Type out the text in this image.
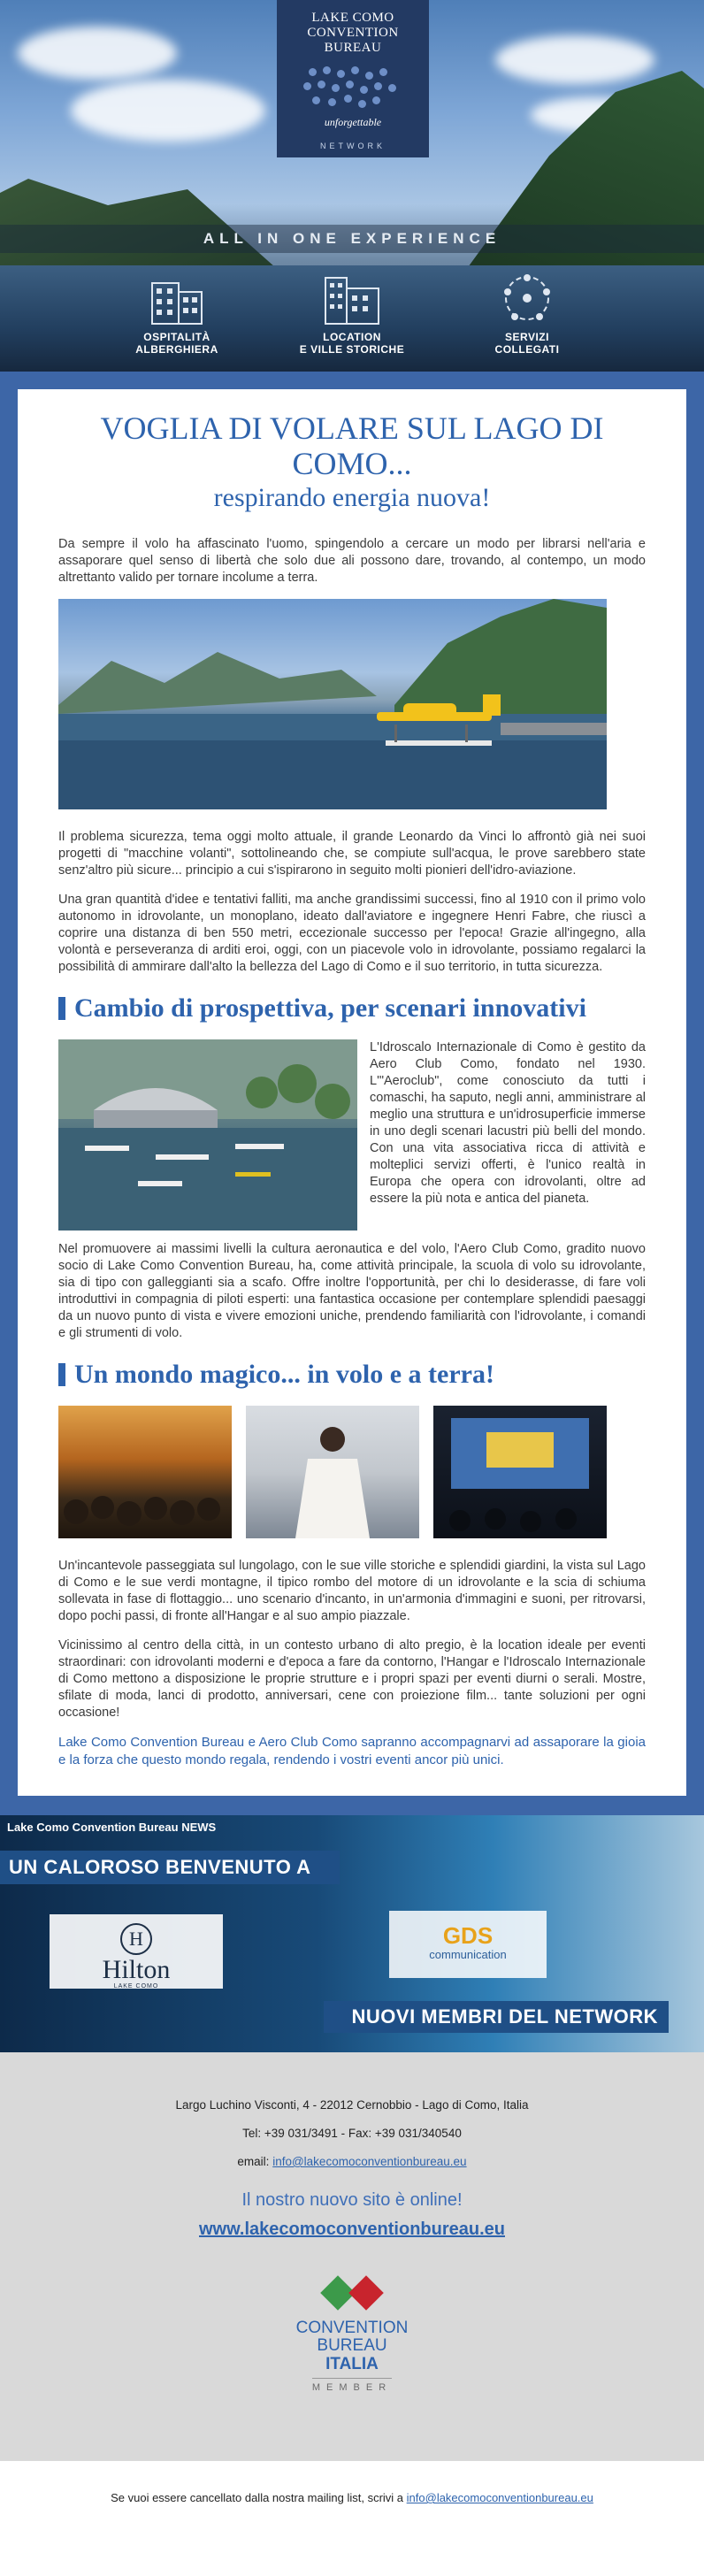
LAKE COMO
CONVENTION
BUREAU
unforgettable
NETWORK
ALL IN ONE EXPERIENCE
OSPITALITÀ
ALBERGHIERA
LOCATION
E VILLE STORICHE
SERVIZI
COLLEGATI
VOGLIA DI VOLARE SUL LAGO DI COMO...
respirando energia nuova!

Da sempre il volo ha affascinato l'uomo, spingendolo a cercare un modo per librarsi nell'aria e assaporare quel senso di libertà che solo due ali possono dare, trovando, al contempo, un modo altrettanto valido per tornare incolume a terra.

Il problema sicurezza, tema oggi molto attuale, il grande Leonardo da Vinci lo affrontò già nei suoi progetti di "macchine volanti", sottolineando che, se compiute sull'acqua, le prove sarebbero state senz'altro più sicure... principio a cui s'ispirarono in seguito molti pionieri dell'idro-aviazione.

Una gran quantità d'idee e tentativi falliti, ma anche grandissimi successi, fino al 1910 con il primo volo autonomo in idrovolante, un monoplano, ideato dall'aviatore e ingegnere Henri Fabre, che riuscì a coprire una distanza di ben 550 metri, eccezionale successo per l'epoca! Grazie all'ingegno, alla volontà e perseveranza di arditi eroi, oggi, con un piacevole volo in idrovolante, possiamo regalarci la possibilità di ammirare dall'alto la bellezza del Lago di Como e il suo territorio, in tutta sicurezza.

Cambio di prospettiva, per scenari innovativi

L'Idroscalo Internazionale di Como è gestito da Aero Club Como, fondato nel 1930. L'"Aeroclub", come conosciuto da tutti i comaschi, ha saputo, negli anni, amministrare al meglio una struttura e un'idrosuperficie immerse in uno degli scenari lacustri più belli del mondo. Con una vita associativa ricca di attività e molteplici servizi offerti, è l'unico realtà in Europa che opera con idrovolanti, oltre ad essere la più nota e antica del pianeta.

Nel promuovere ai massimi livelli la cultura aeronautica e del volo, l'Aero Club Como, gradito nuovo socio di Lake Como Convention Bureau, ha, come attività principale, la scuola di volo su idrovolante, sia di tipo con galleggianti sia a scafo. Offre inoltre l'opportunità, per chi lo desiderasse, di fare voli introduttivi in compagnia di piloti esperti: una fantastica occasione per contemplare splendidi paesaggi da un nuovo punto di vista e vivere emozioni uniche, prendendo familiarità con l'idrovolante, i comandi e gli strumenti di volo.

Un mondo magico... in volo e a terra!

Un'incantevole passeggiata sul lungolago, con le sue ville storiche e splendidi giardini, la vista sul Lago di Como e le sue verdi montagne, il tipico rombo del motore di un idrovolante e la scia di schiuma sollevata in fase di flottaggio... uno scenario d'incanto, in un'armonia d'immagini e suoni, per ritrovarsi, dopo pochi passi, di fronte all'Hangar e al suo ampio piazzale.

Vicinissimo al centro della città, in un contesto urbano di alto pregio, è la location ideale per eventi straordinari: con idrovolanti moderni e d'epoca a fare da contorno, l'Hangar e l'Idroscalo Internazionale di Como mettono a disposizione le proprie strutture e i propri spazi per eventi diurni o serali. Mostre, sfilate di moda, lanci di prodotto, anniversari, cene con proiezione film... tante soluzioni per ogni occasione!

Lake Como Convention Bureau e Aero Club Como sapranno accompagnarvi ad assaporare la gioia e la forza che questo mondo regala, rendendo i vostri eventi ancor più unici.

Lake Como Convention Bureau NEWS
UN CALOROSO BENVENUTO A
H
Hilton
LAKE COMO
GDS
communication
NUOVI MEMBRI DEL NETWORK
Largo Luchino Visconti, 4 - 22012 Cernobbio - Lago di Como, Italia
Tel: +39 031/3491 - Fax: +39 031/340540
email: info@lakecomoconventionbureau.eu
Il nostro nuovo sito è online!
www.lakecomoconventionbureau.eu
CONVENTION
BUREAU
ITALIA
MEMBER
Se vuoi essere cancellato dalla nostra mailing list, scrivi a info@lakecomoconventionbureau.eu
